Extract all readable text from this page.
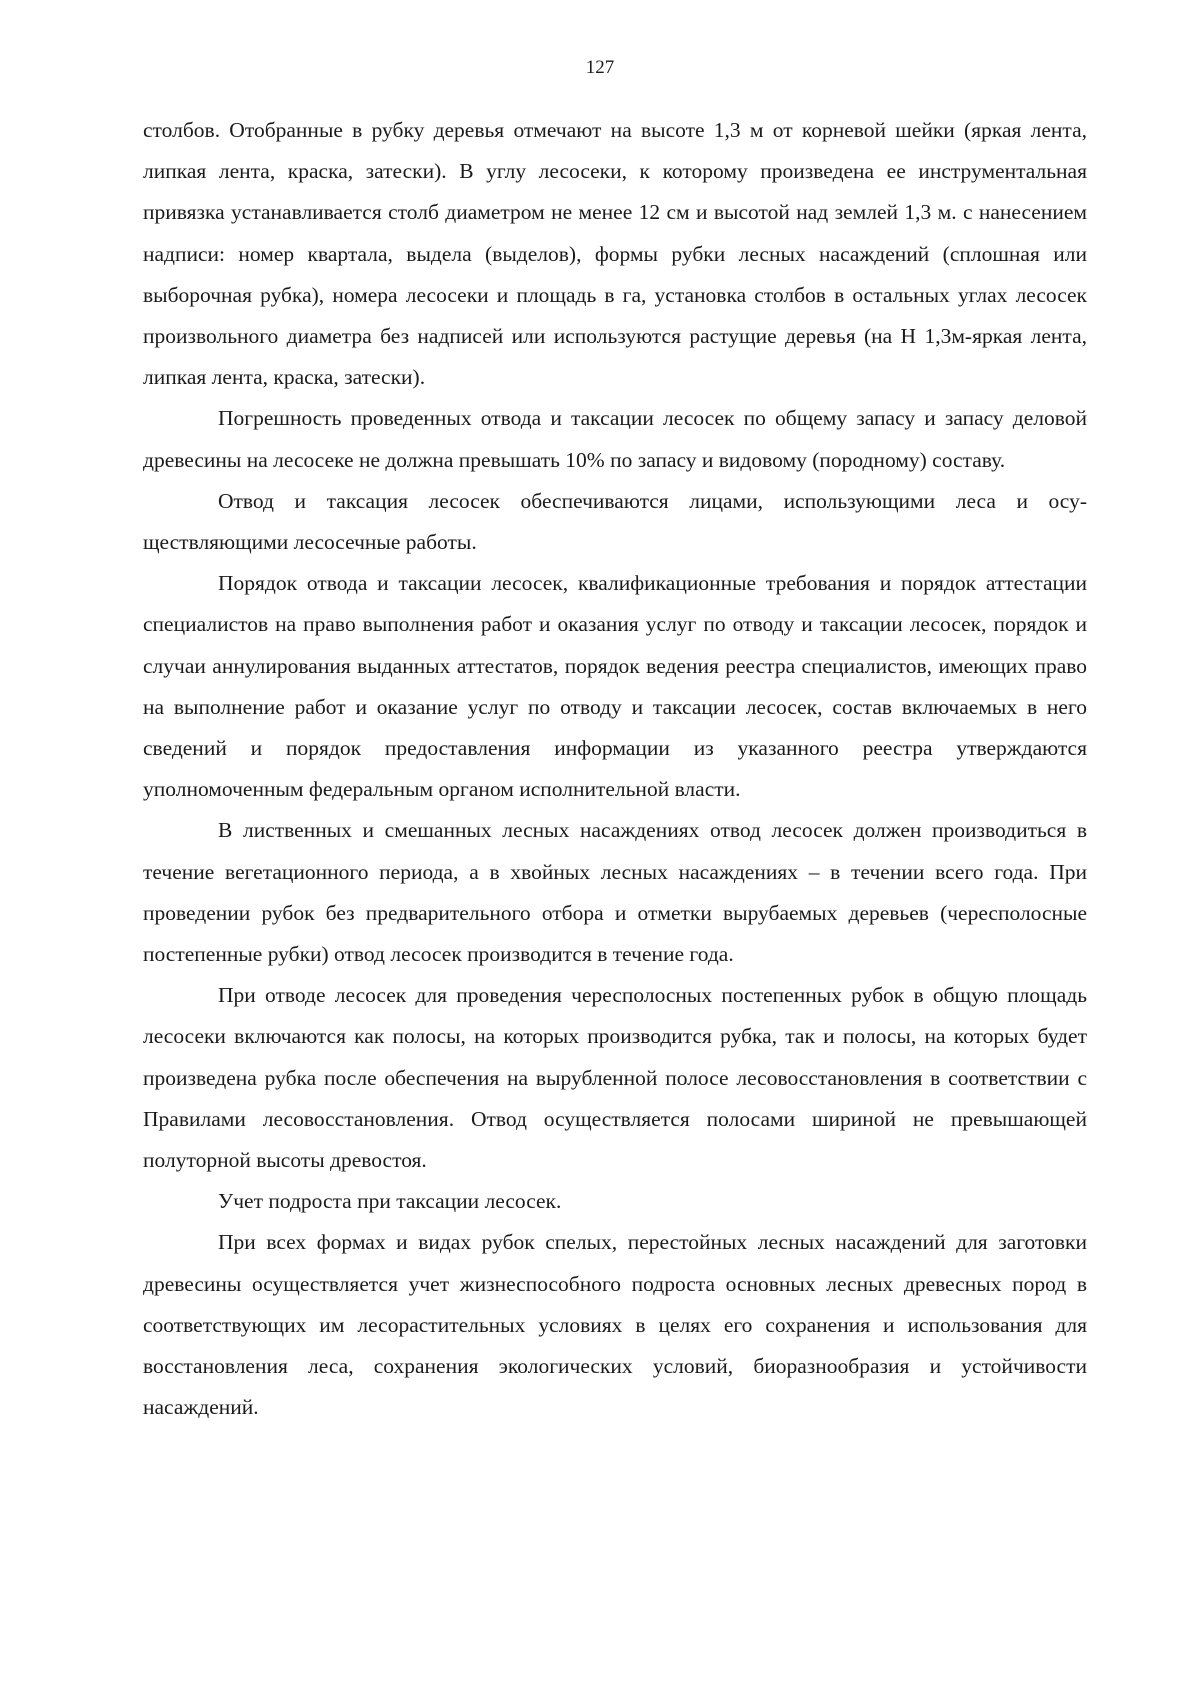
127

столбов. Отобранные в рубку деревья отмечают на высоте 1,3 м от корневой шейки (яркая лента, липкая лента, краска, затески). В углу лесосеки, к которому произведена ее инструментальная привязка устанавливается столб диаметром не менее 12 см и высотой над землей 1,3 м. с нанесением надписи: номер квартала, выдела (выделов), формы рубки лесных насаждений (сплошная или выборочная рубка), номера лесосеки и площадь в га, установка столбов в остальных углах лесосек произвольного диаметра без надписей или используются растущие деревья (на Н 1,3м-яркая лента, липкая лента, краска, затески).

Погрешность проведенных отвода и таксации лесосек по общему запасу и запасу деловой древесины на лесосеке не должна превышать 10% по запасу и видовому (породному) составу.

Отвод и таксация лесосек обеспечиваются лицами, использующими леса и осуществляющими лесосечные работы.

Порядок отвода и таксации лесосек, квалификационные требования и порядок аттестации специалистов на право выполнения работ и оказания услуг по отводу и таксации лесосек, порядок и случаи аннулирования выданных аттестатов, порядок ведения реестра специалистов, имеющих право на выполнение работ и оказание услуг по отводу и таксации лесосек, состав включаемых в него сведений и порядок предоставления информации из указанного реестра утверждаются уполномоченным федеральным органом исполнительной власти.

В лиственных и смешанных лесных насаждениях отвод лесосек должен производиться в течение вегетационного периода, а в хвойных лесных насаждениях – в течении всего года. При проведении рубок без предварительного отбора и отметки вырубаемых деревьев (чересполосные постепенные рубки) отвод лесосек производится в течение года.

При отводе лесосек для проведения чересполосных постепенных рубок в общую площадь лесосеки включаются как полосы, на которых производится рубка, так и полосы, на которых будет произведена рубка после обеспечения на вырубленной полосе лесовосстановления в соответствии с Правилами лесовосстановления. Отвод осуществляется полосами шириной не превышающей полуторной высоты древостоя.

Учет подроста при таксации лесосек.

При всех формах и видах рубок спелых, перестойных лесных насаждений для заготовки древесины осуществляется учет жизнеспособного подроста основных лесных древесных пород в соответствующих им лесорастительных условиях в целях его сохранения и использования для восстановления леса, сохранения экологических условий, биоразнообразия и устойчивости насаждений.
